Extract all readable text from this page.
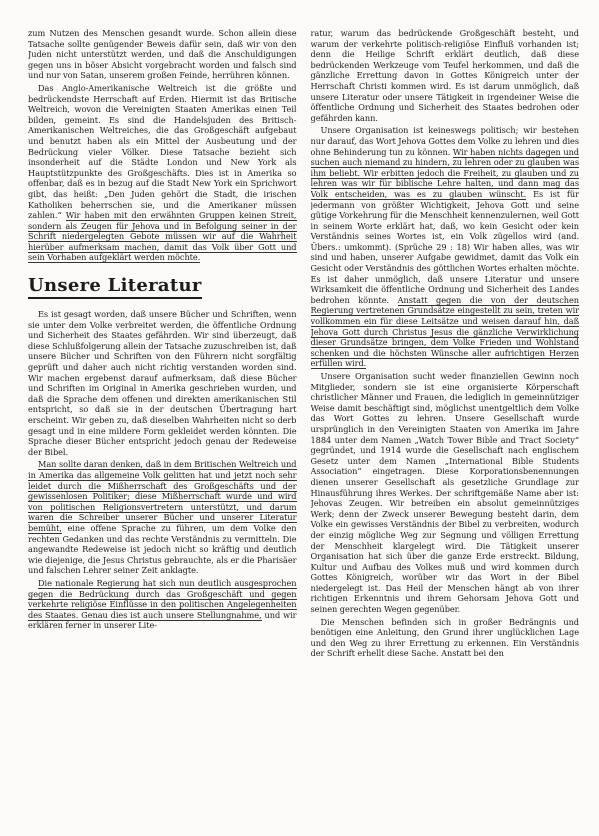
zum Nutzen des Menschen gesandt wurde. Schon allein diese Tatsache sollte genügender Beweis dafür sein, daß wir von den Juden nicht unterstützt werden, und daß die Anschuldigungen gegen uns in böser Absicht vorgebracht worden und falsch sind und nur von Satan, unserem großen Feinde, herrühren können.

Das Anglo-Amerikanische Weltreich ist die größte und bedrückendste Herrschaft auf Erden. Hiermit ist das Britische Weltreich, wovon die Vereinigten Staaten Amerikas einen Teil bilden, gemeint. Es sind die Handelsjuden des Britisch-Amerikanischen Weltreiches, die das Großgeschäft aufgebaut und benutzt haben als ein Mittel der Ausbeutung und der Bedrückung vieler Völker. Diese Tatsache bezieht sich insonderheit auf die Städte London und New York als Hauptstützpunkte des Großgeschäfts. Dies ist in Amerika so offenbar, daß es in bezug auf die Stadt New York ein Sprichwort gibt, das heißt: „Den Juden gehört die Stadt, die irischen Katholiken beherrschen sie, und die Amerikaner müssen zahlen.“ Wir haben mit den erwähnten Gruppen keinen Streit, sondern als Zeugen für Jehova und in Befolgung seiner in der Schrift niedergelegten Gebote müssen wir auf die Wahrheit hierüber aufmerksam machen, damit das Volk über Gott und sein Vorhaben aufgeklärt werden möchte.

Unsere Literatur

Es ist gesagt worden, daß unsere Bücher und Schriften, wenn sie unter dem Volke verbreitet werden, die öffentliche Ordnung und Sicherheit des Staates gefährden. Wir sind überzeugt, daß diese Schlußfolgerung allein der Tatsache zuzuschreiben ist, daß unsere Bücher und Schriften von den Führern nicht sorgfältig geprüft und daher auch nicht richtig verstanden worden sind. Wir machen ergebenst darauf aufmerksam, daß diese Bücher und Schriften im Original in Amerika geschrieben wurden, und daß die Sprache dem offenen und direkten amerikanischen Stil entspricht, so daß sie in der deutschen Übertragung hart erscheint. Wir geben zu, daß dieselben Wahrheiten nicht so derb gesagt und in eine mildere Form gekleidet werden könnten. Die Sprache dieser Bücher entspricht jedoch genau der Redeweise der Bibel.

Man sollte daran denken, daß in dem Britischen Weltreich und in Amerika das allgemeine Volk gelitten hat und jetzt noch sehr leidet durch die Mißherrschaft des Großgeschäfts und der gewissenlosen Politiker; diese Mißherrschaft wurde und wird von politischen Religionsvertretern unterstützt, und darum waren die Schreiber unserer Bücher und unserer Literatur bemüht, eine offene Sprache zu führen, um dem Volke den rechten Gedanken und das rechte Verständnis zu vermitteln. Die angewandte Redeweise ist jedoch nicht so kräftig und deutlich wie diejenige, die Jesus Christus gebrauchte, als er die Pharisäer und falschen Lehrer seiner Zeit anklagte.

Die nationale Regierung hat sich nun deutlich ausgesprochen gegen die Bedrückung durch das Großgeschäft und gegen verkehrte religiöse Einflüsse in den politischen Angelegenheiten des Staates. Genau dies ist auch unsere Stellungnahme, und wir erklären ferner in unserer Lite-

ratur, warum das bedrückende Großgeschäft besteht, und warum der verkehrte politisch-religiöse Einfluß vorhanden ist; denn die Heilige Schrift erklärt deutlich, daß diese bedrückenden Werkzeuge vom Teufel herkommen, und daß die gänzliche Errettung davon in Gottes Königreich unter der Herrschaft Christi kommen wird. Es ist darum unmöglich, daß unsere Literatur oder unsere Tätigkeit in irgendeiner Weise die öffentliche Ordnung und Sicherheit des Staates bedrohen oder gefährden kann.

Unsere Organisation ist keineswegs politisch; wir bestehen nur darauf, das Wort Jehova Gottes dem Volke zu lehren und dies ohne Behinderung tun zu können. Wir haben nichts dagegen und suchen auch niemand zu hindern, zu lehren oder zu glauben was ihm beliebt. Wir erbitten jedoch die Freiheit, zu glauben und zu lehren was wir für biblische Lehre halten, und dann mag das Volk entscheiden, was es zu glauben wünscht. Es ist für jedermann von größter Wichtigkeit, Jehova Gott und seine gütige Vorkehrung für die Menschheit kennenzulernen, weil Gott in seinem Worte erklärt hat, daß, wo kein Gesicht oder kein Verständnis seines Wortes ist, ein Volk zügellos wird (and. Übers.: umkommt). (Sprüche 29 : 18) Wir haben alles, was wir sind und haben, unserer Aufgabe gewidmet, damit das Volk ein Gesicht oder Verständnis des göttlichen Wortes erhalten möchte. Es ist daher unmöglich, daß unsere Literatur und unsere Wirksamkeit die öffentliche Ordnung und Sicherheit des Landes bedrohen könnte. Anstatt gegen die von der deutschen Regierung vertretenen Grundsätze eingestellt zu sein, treten wir vollkommen ein für diese Leitsätze und weisen darauf hin, daß Jehova Gott durch Christus Jesus die gänzliche Verwirklichung dieser Grundsätze bringen, dem Volke Frieden und Wohlstand schenken und die höchsten Wünsche aller aufrichtigen Herzen erfüllen wird.

Unsere Organisation sucht weder finanziellen Gewinn noch Mitglieder, sondern sie ist eine organisierte Körperschaft christlicher Männer und Frauen, die lediglich in gemeinnütziger Weise damit beschäftigt sind, möglichst unentgeltlich dem Volke das Wort Gottes zu lehren. Unsere Gesellschaft wurde ursprünglich in den Vereinigten Staaten von Amerika im Jahre 1884 unter dem Namen „Watch Tower Bible and Tract Society“ gegründet, und 1914 wurde die Gesellschaft nach englischem Gesetz unter dem Namen „International Bible Students Association“ eingetragen. Diese Korporationsbenennungen dienen unserer Gesellschaft als gesetzliche Grundlage zur Hinausführung ihres Werkes. Der schriftgemäße Name aber ist: Jehovas Zeugen. Wir betreiben ein absolut gemeinnütziges Werk; denn der Zweck unserer Bewegung besteht darin, dem Volke ein gewisses Verständnis der Bibel zu verbreiten, wodurch der einzig mögliche Weg zur Segnung und völligen Errettung der Menschheit klargelegt wird. Die Tätigkeit unserer Organisation hat sich über die ganze Erde erstreckt. Bildung, Kultur und Aufbau des Volkes muß und wird kommen durch Gottes Königreich, worüber wir das Wort in der Bibel niedergelegt ist. Das Heil der Menschen hängt ab von ihrer richtigen Erkenntnis und ihrem Gehorsam Jehova Gott und seinen gerechten Wegen gegenüber.

Die Menschen befinden sich in großer Bedrängnis und benötigen eine Anleitung, den Grund ihrer unglücklichen Lage und den Weg zu ihrer Errettung zu erkennen. Ein Verständnis der Schrift erhellt diese Sache. Anstatt bei den
